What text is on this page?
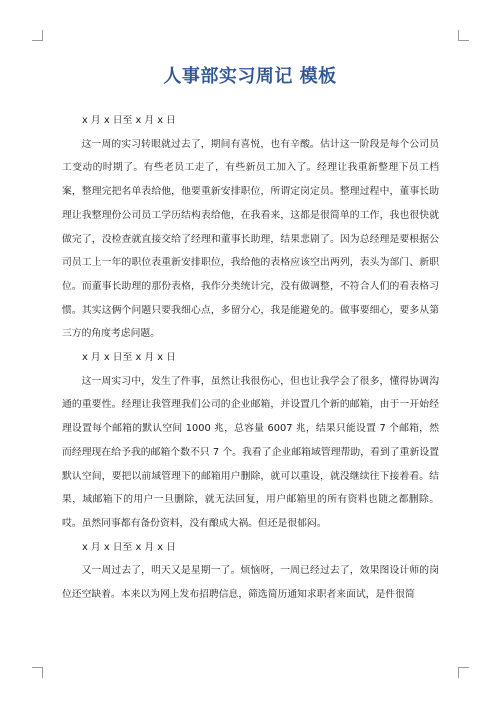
人事部实习周记 模板

x 月 x 日至 x 月 x 日

这一周的实习转眼就过去了，期间有喜悦，也有辛酸。估计这一阶段是每个公司员工变动的时期了。有些老员工走了，有些新员工加入了。经理让我重新整理下员工档案，整理完把名单表给他，他要重新安排职位，所谓定岗定员。整理过程中，董事长助理让我整理份公司员工学历结构表给他，在我看来，这都是很简单的工作，我也很快就做完了，没检查就直接交给了经理和董事长助理，结果悲剧了。因为总经理是要根据公司员工上一年的职位表重新安排职位，我给他的表格应该空出两列，表头为部门、新职位。而董事长助理的那份表格，我作分类统计完，没有做调整，不符合人们的看表格习惯。其实这俩个问题只要我细心点，多留分心，我是能避免的。做事要细心，要多从第三方的角度考虑问题。

x 月 x 日至 x 月 x 日

这一周实习中，发生了件事，虽然让我很伤心，但也让我学会了很多，懂得协调沟通的重要性。经理让我管理我们公司的企业邮箱，并设置几个新的邮箱，由于一开始经理设置每个邮箱的默认空间 1000 兆，总容量 6007 兆，结果只能设置 7 个邮箱，然而经理现在给予我的邮箱个数不只 7 个。我看了企业邮箱域管理帮助，看到了重新设置默认空间，要把以前域管理下的邮箱用户删除，就可以重设，就没继续往下接着看。结果，域邮箱下的用户一旦删除，就无法回复，用户邮箱里的所有资料也随之都删除。哎。虽然同事都有备份资料，没有酿成大祸。但还是很郁闷。

x 月 x 日至 x 月 x 日

又一周过去了，明天又是星期一了。烦恼呀，一周已经过去了，效果图设计师的岗位还空缺着。本来以为网上发布招聘信息，筛选简历通知求职者来面试，是件很简
